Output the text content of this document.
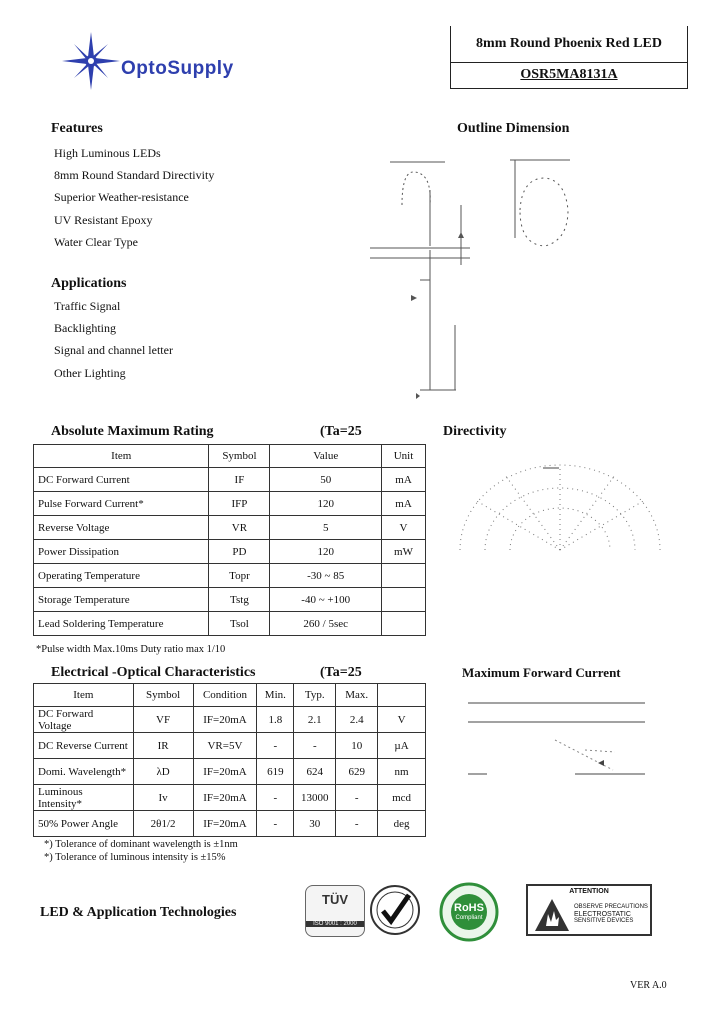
OptoSupply
8mm Round Phoenix Red LED
OSR5MA8131A
Features
High Luminous LEDs
8mm Round Standard Directivity
Superior Weather-resistance
UV Resistant Epoxy
Water Clear Type
Applications
Traffic Signal
Backlighting
Signal and channel letter
Other Lighting
Outline Dimension
Absolute Maximum Rating	(Ta=25
Item	Symbol	Value	Unit
DC Forward Current	IF	50	mA
Pulse Forward Current*	IFP	120	mA
Reverse Voltage	VR	5	V
Power Dissipation	PD	120	mW
Operating Temperature	Topr	-30 ~ 85	
Storage Temperature	Tstg	-40 ~ +100	
Lead Soldering Temperature	Tsol	260 / 5sec	
*Pulse width Max.10ms Duty ratio max 1/10
Directivity
Electrical -Optical Characteristics	(Ta=25
Item	Symbol	Condition	Min.	Typ.	Max.	
DC Forward Voltage	VF	IF=20mA	1.8	2.1	2.4	V
DC Reverse Current	IR	VR=5V	-	-	10	µA
Domi. Wavelength*	λD	IF=20mA	619	624	629	nm
Luminous Intensity*	Iv	IF=20mA	-	13000	-	mcd
50% Power Angle	2θ1/2	IF=20mA	-	30	-	deg
*) Tolerance of dominant wavelength is ±1nm
*) Tolerance of luminous intensity is ±15%
Maximum Forward Current
LED & Application Technologies
TÜV
ISO 9001 : 2000
RoHS
Compliant
ATTENTION
OBSERVE PRECAUTIONS
ELECTROSTATIC
SENSITIVE DEVICES
VER A.0
